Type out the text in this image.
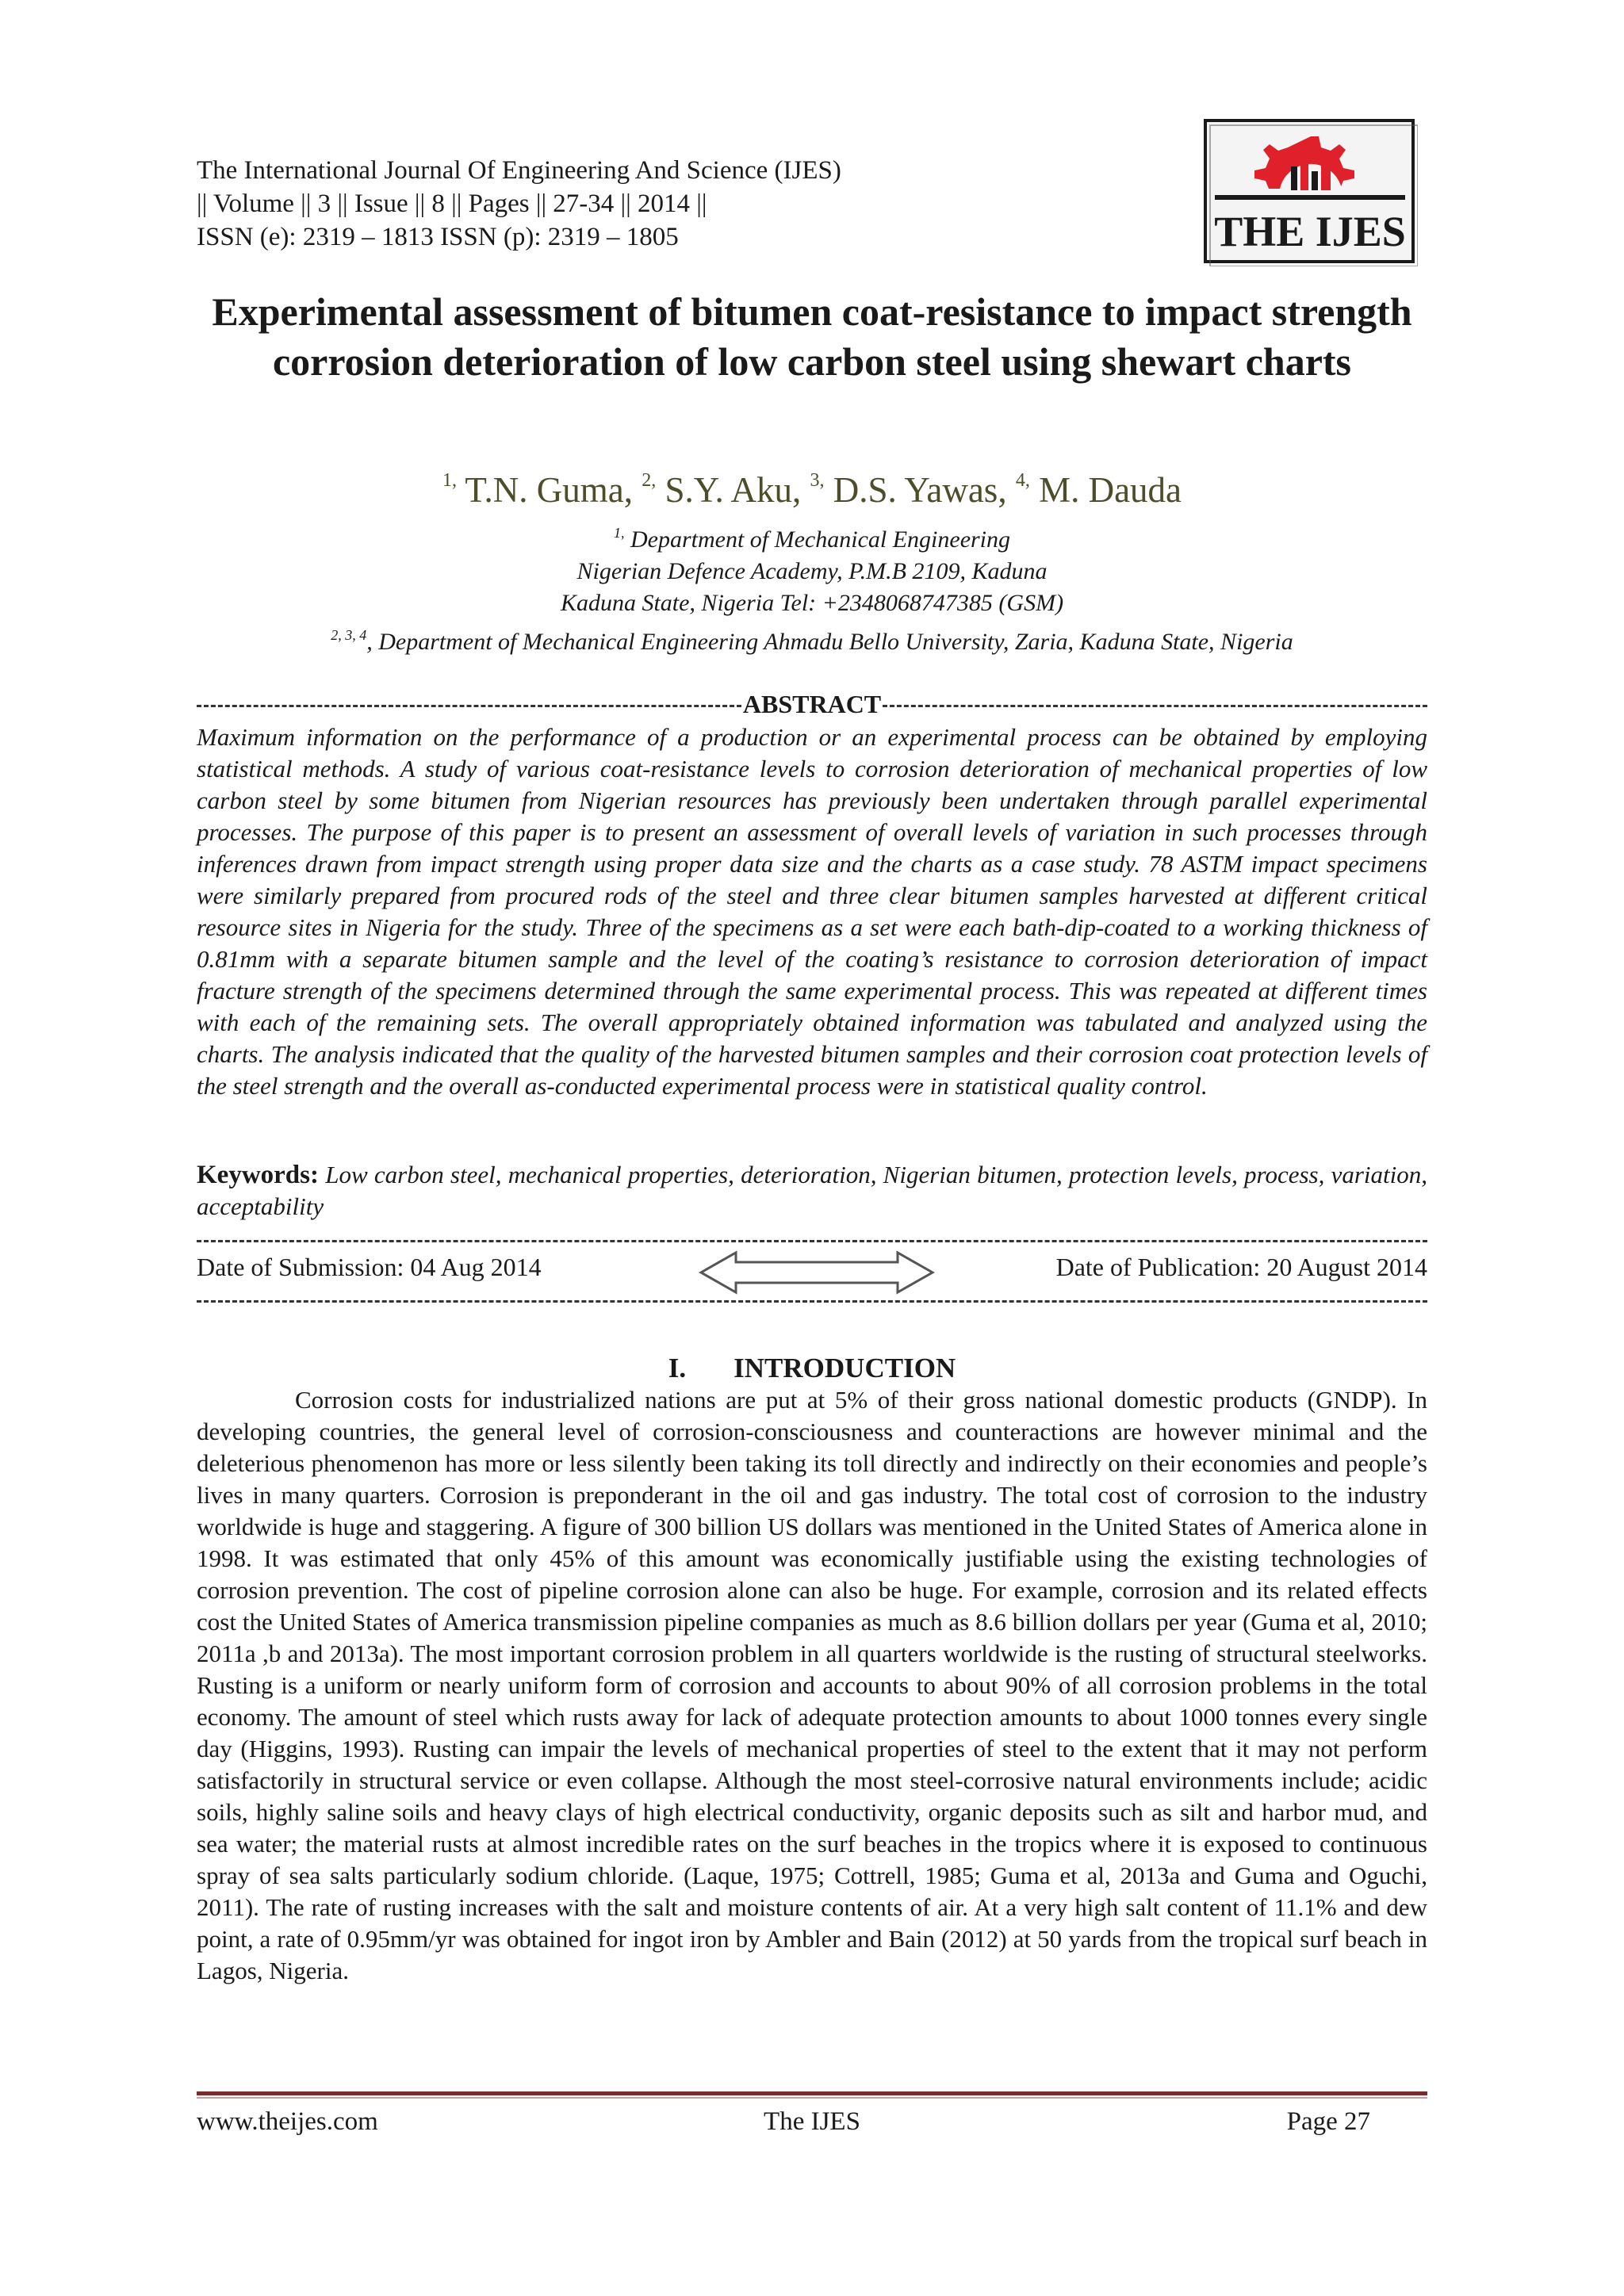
The International Journal Of Engineering And Science (IJES)
|| Volume || 3 || Issue || 8 || Pages || 27-34 || 2014 ||
ISSN (e): 2319 – 1813 ISSN (p): 2319 – 1805	THE IJES
Experimental assessment of bitumen coat-resistance to impact strength corrosion deterioration of low carbon steel using shewart charts
$^{1,}$ T.N. Guma, $^{2,}$ S.Y. Aku, $^{3,}$ D.S. Yawas, $^{4,}$ M. Dauda
$^{1,}$ Department of Mechanical Engineering
Nigerian Defence Academy, P.M.B 2109, Kaduna
Kaduna State, Nigeria Tel: +2348068747385 (GSM)
$^{2, 3, 4}$, Department of Mechanical Engineering Ahmadu Bello University, Zaria, Kaduna State, Nigeria
ABSTRACT
Maximum information on the performance of a production or an experimental process can be obtained by employing statistical methods. A study of various coat-resistance levels to corrosion deterioration of mechanical properties of low carbon steel by some bitumen from Nigerian resources has previously been undertaken through parallel experimental processes. The purpose of this paper is to present an assessment of overall levels of variation in such processes through inferences drawn from impact strength using proper data size and the charts as a case study. 78 ASTM impact specimens were similarly prepared from procured rods of the steel and three clear bitumen samples harvested at different critical resource sites in Nigeria for the study. Three of the specimens as a set were each bath-dip-coated to a working thickness of 0.81mm with a separate bitumen sample and the level of the coating’s resistance to corrosion deterioration of impact fracture strength of the specimens determined through the same experimental process. This was repeated at different times with each of the remaining sets. The overall appropriately obtained information was tabulated and analyzed using the charts. The analysis indicated that the quality of the harvested bitumen samples and their corrosion coat protection levels of the steel strength and the overall as-conducted experimental process were in statistical quality control.
Keywords: Low carbon steel, mechanical properties, deterioration, Nigerian bitumen, protection levels, process, variation, acceptability
Date of Submission: 04 Aug 2014	Date of Publication: 20 August 2014
I. INTRODUCTION
Corrosion costs for industrialized nations are put at 5% of their gross national domestic products (GNDP). In developing countries, the general level of corrosion-consciousness and counteractions are however minimal and the deleterious phenomenon has more or less silently been taking its toll directly and indirectly on their economies and people’s lives in many quarters. Corrosion is preponderant in the oil and gas industry. The total cost of corrosion to the industry worldwide is huge and staggering. A figure of 300 billion US dollars was mentioned in the United States of America alone in 1998. It was estimated that only 45% of this amount was economically justifiable using the existing technologies of corrosion prevention. The cost of pipeline corrosion alone can also be huge. For example, corrosion and its related effects cost the United States of America transmission pipeline companies as much as 8.6 billion dollars per year (Guma et al, 2010; 2011a ,b and 2013a). The most important corrosion problem in all quarters worldwide is the rusting of structural steelworks. Rusting is a uniform or nearly uniform form of corrosion and accounts to about 90% of all corrosion problems in the total economy. The amount of steel which rusts away for lack of adequate protection amounts to about 1000 tonnes every single day (Higgins, 1993). Rusting can impair the levels of mechanical properties of steel to the extent that it may not perform satisfactorily in structural service or even collapse. Although the most steel-corrosive natural environments include; acidic soils, highly saline soils and heavy clays of high electrical conductivity, organic deposits such as silt and harbor mud, and sea water; the material rusts at almost incredible rates on the surf beaches in the tropics where it is exposed to continuous spray of sea salts particularly sodium chloride. (Laque, 1975; Cottrell, 1985; Guma et al, 2013a and Guma and Oguchi, 2011). The rate of rusting increases with the salt and moisture contents of air. At a very high salt content of 11.1% and dew point, a rate of 0.95mm/yr was obtained for ingot iron by Ambler and Bain (2012) at 50 yards from the tropical surf beach in Lagos, Nigeria.
www.theijes.com	The IJES	Page 27
